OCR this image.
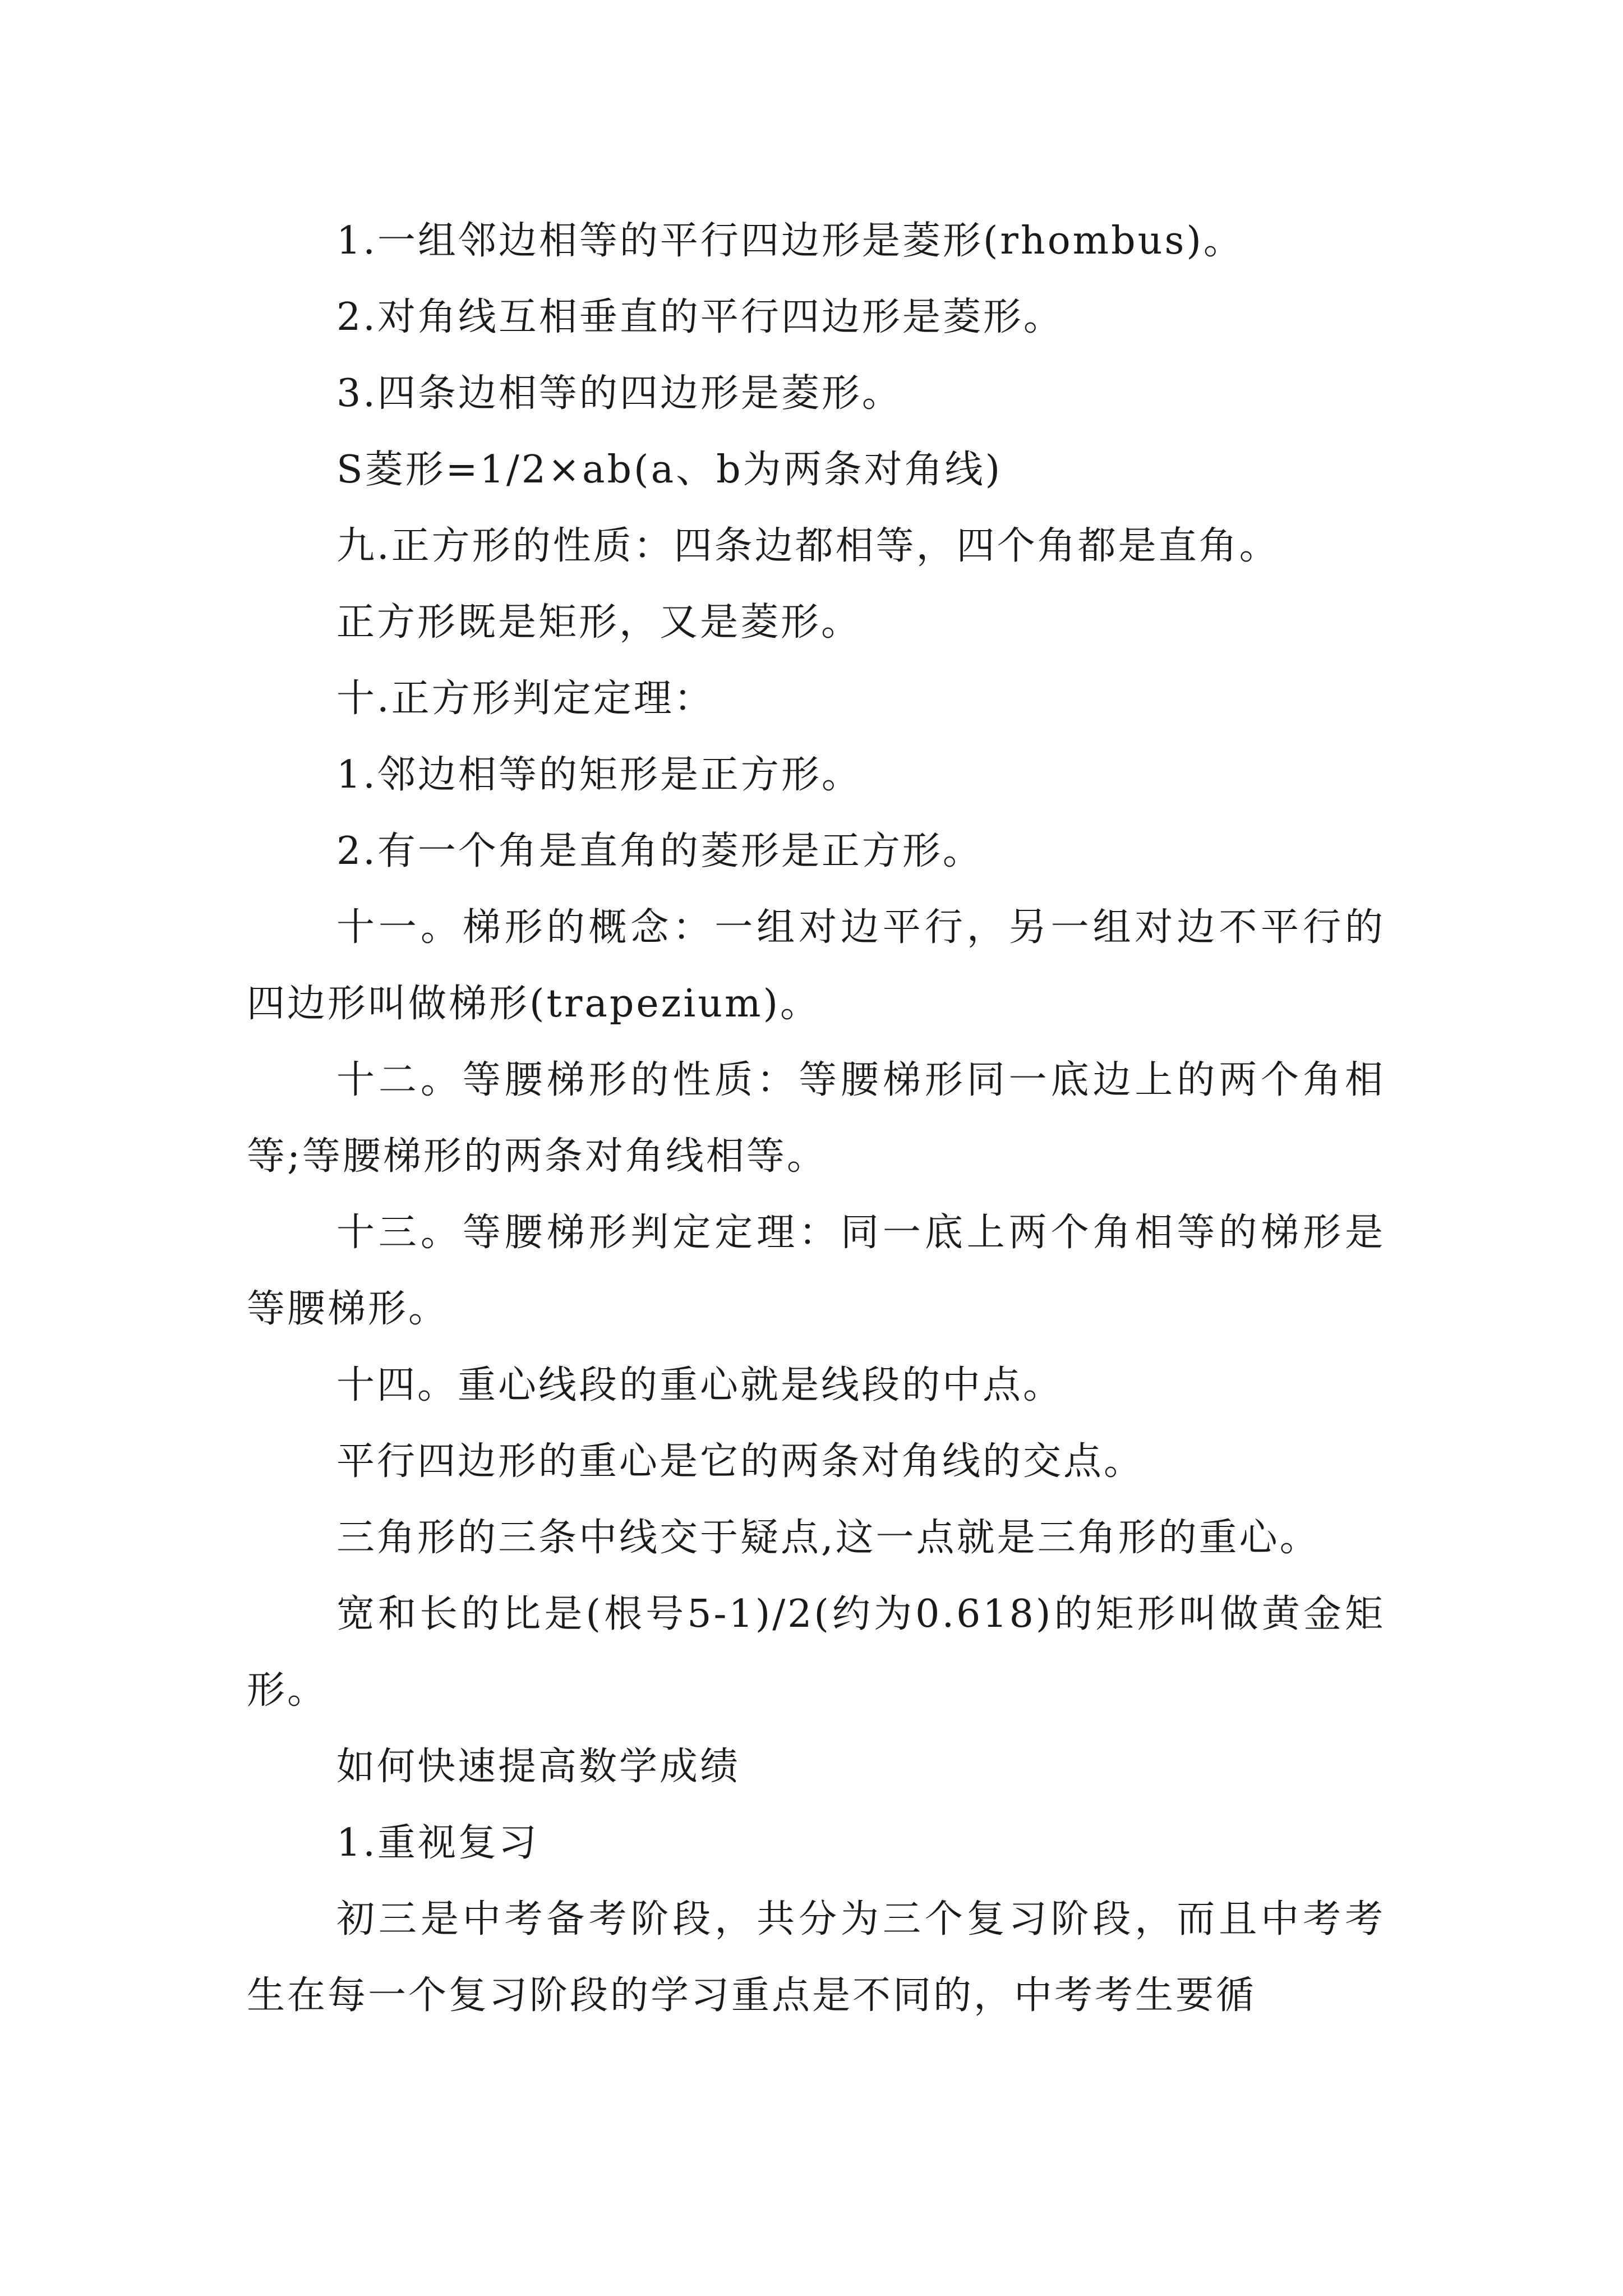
1.一组邻边相等的平行四边形是菱形(rhombus)。

2.对角线互相垂直的平行四边形是菱形。

3.四条边相等的四边形是菱形。

S菱形=1/2×ab(a、b为两条对角线)

九.正方形的性质：四条边都相等，四个角都是直角。

正方形既是矩形，又是菱形。

十.正方形判定定理：

1.邻边相等的矩形是正方形。

2.有一个角是直角的菱形是正方形。

十一。梯形的概念：一组对边平行，另一组对边不平行的四边形叫做梯形(trapezium)。

十二。等腰梯形的性质：等腰梯形同一底边上的两个角相等;等腰梯形的两条对角线相等。

十三。等腰梯形判定定理：同一底上两个角相等的梯形是等腰梯形。

十四。重心线段的重心就是线段的中点。

平行四边形的重心是它的两条对角线的交点。

三角形的三条中线交于疑点,这一点就是三角形的重心。

宽和长的比是(根号5-1)/2(约为0.618)的矩形叫做黄金矩形。

如何快速提高数学成绩

1.重视复习

初三是中考备考阶段，共分为三个复习阶段，而且中考考生在每一个复习阶段的学习重点是不同的，中考考生要循
